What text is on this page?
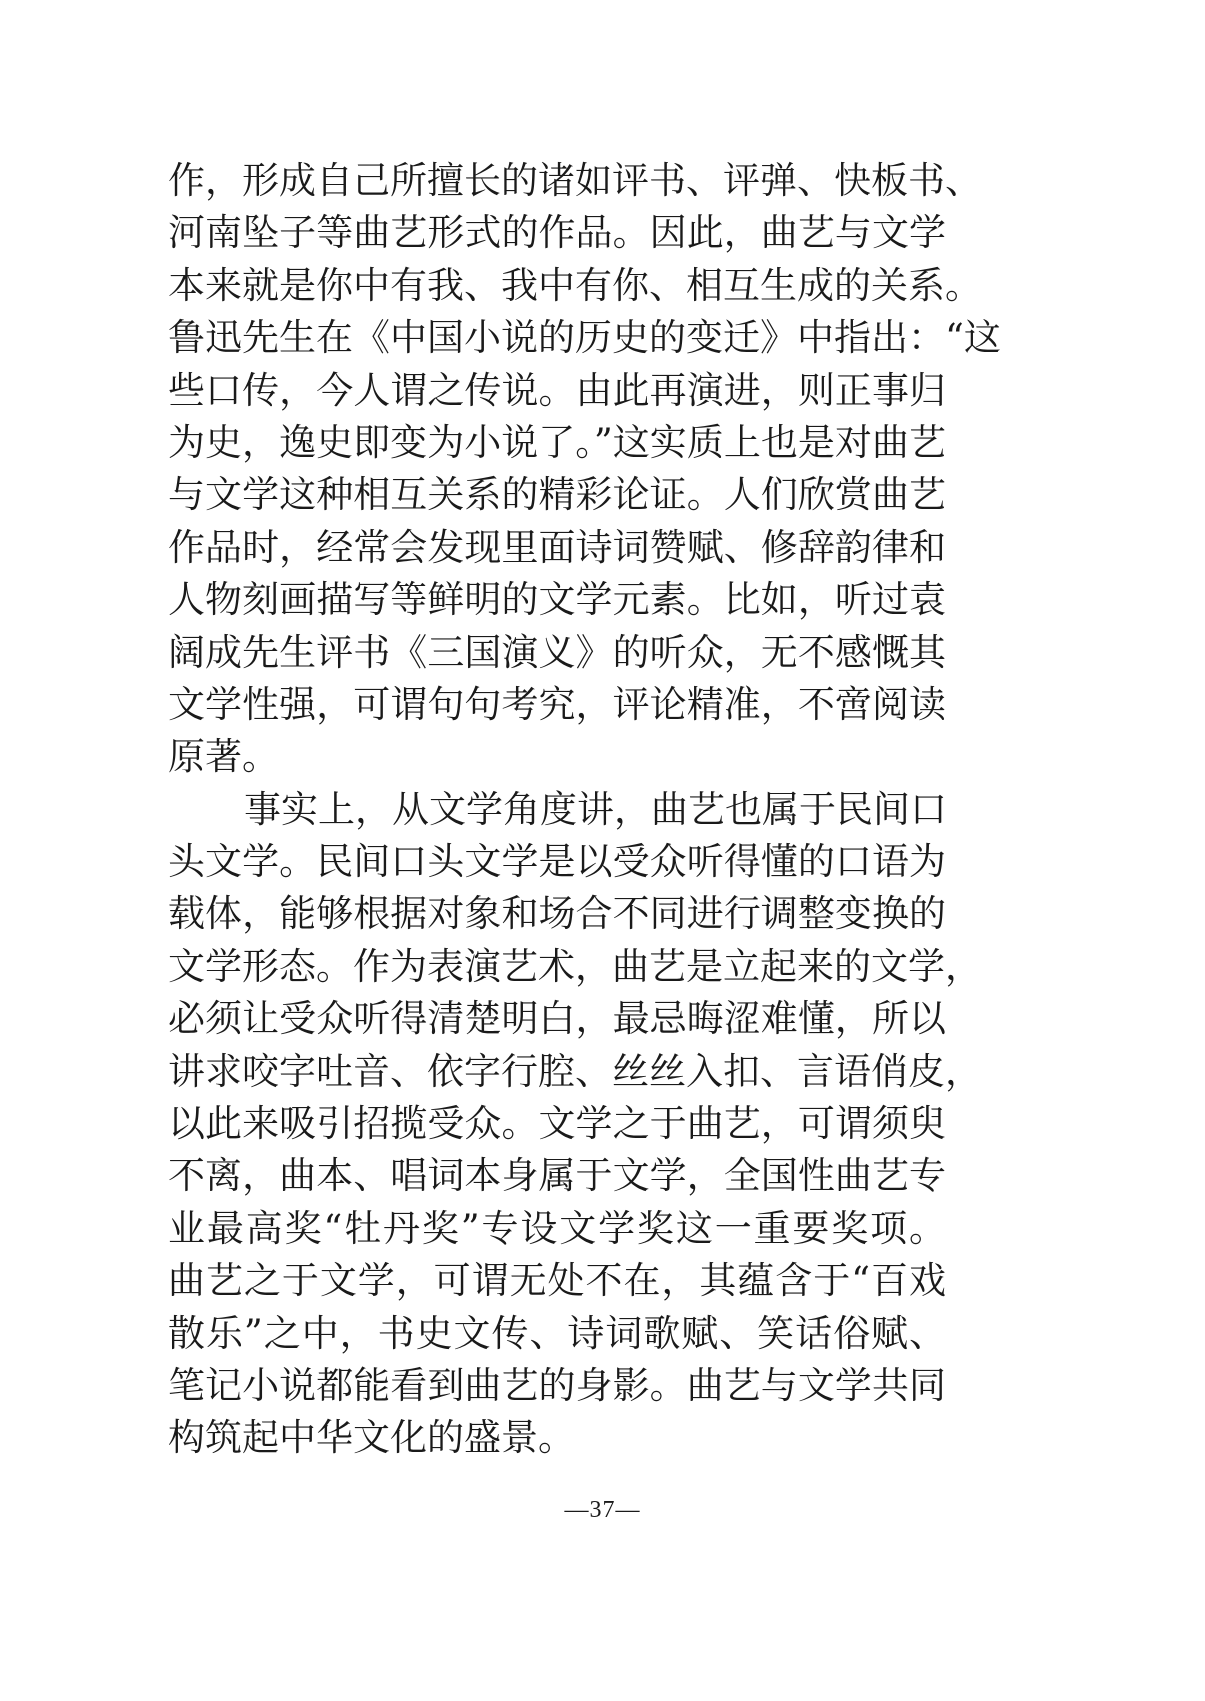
作，形成自己所擅长的诸如评书、评弹、快板书、
河南坠子等曲艺形式的作品。因此，曲艺与文学
本来就是你中有我、我中有你、相互生成的关系。
鲁迅先生在《中国小说的历史的变迁》中指出：“这
些口传，今人谓之传说。由此再演进，则正事归
为史，逸史即变为小说了。”这实质上也是对曲艺
与文学这种相互关系的精彩论证。人们欣赏曲艺
作品时，经常会发现里面诗词赞赋、修辞韵律和
人物刻画描写等鲜明的文学元素。比如，听过袁
阔成先生评书《三国演义》的听众，无不感慨其
文学性强，可谓句句考究，评论精准，不啻阅读
原著。
事实上，从文学角度讲，曲艺也属于民间口
头文学。民间口头文学是以受众听得懂的口语为
载体，能够根据对象和场合不同进行调整变换的
文学形态。作为表演艺术，曲艺是立起来的文学，
必须让受众听得清楚明白，最忌晦涩难懂，所以
讲求咬字吐音、依字行腔、丝丝入扣、言语俏皮，
以此来吸引招揽受众。文学之于曲艺，可谓须臾
不离，曲本、唱词本身属于文学，全国性曲艺专
业最高奖“牡丹奖”专设文学奖这一重要奖项。
曲艺之于文学，可谓无处不在，其蕴含于“百戏
散乐”之中，书史文传、诗词歌赋、笑话俗赋、
笔记小说都能看到曲艺的身影。曲艺与文学共同
构筑起中华文化的盛景。
—37—
